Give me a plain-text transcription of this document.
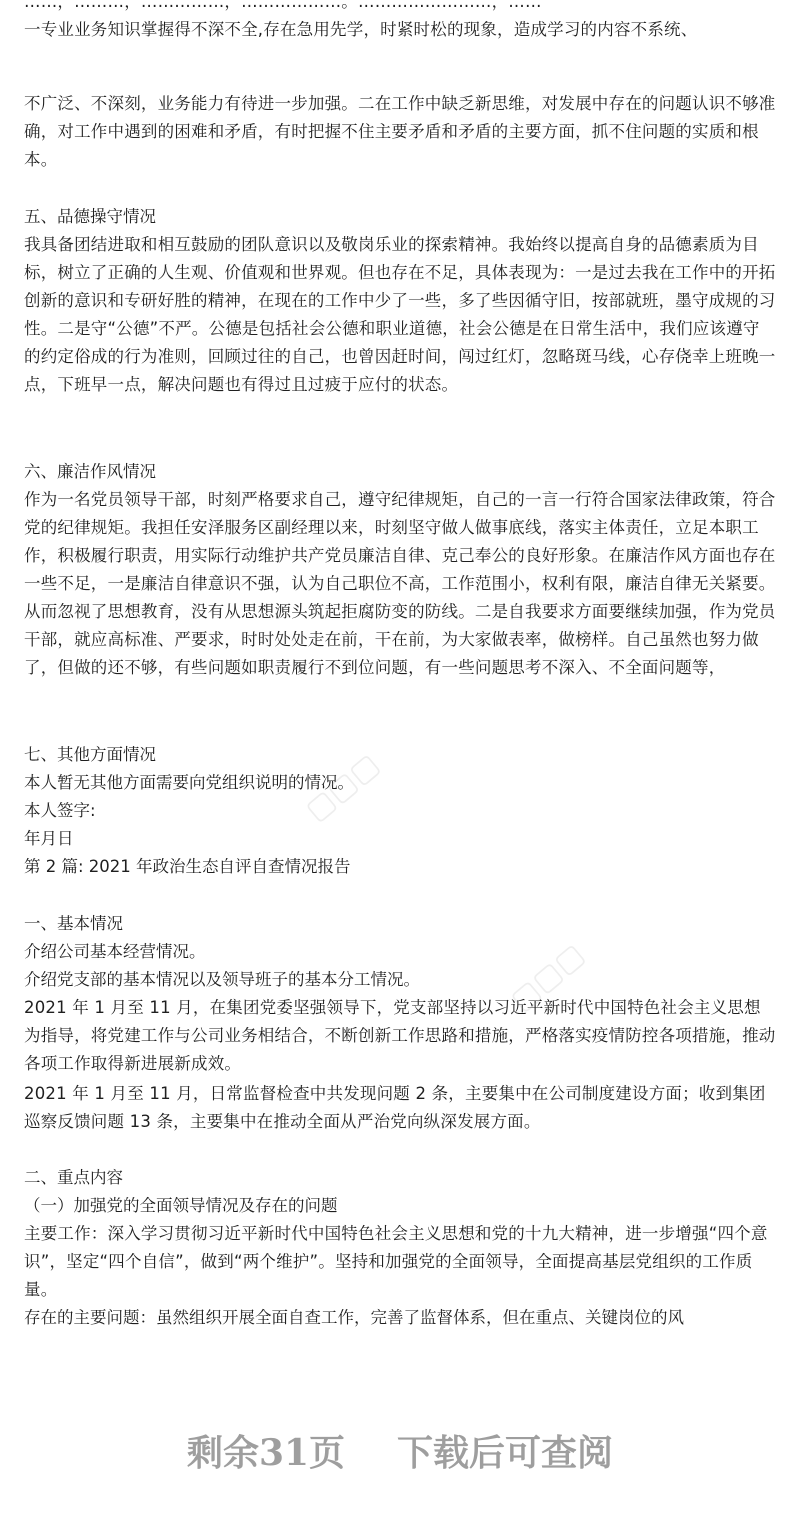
……，………，……………，………………。……………………，……
一专业业务知识掌握得不深不全,存在急用先学，时紧时松的现象，造成学习的内容不系统、

不广泛、不深刻，业务能力有待进一步加强。二在工作中缺乏新思维，对发展中存在的问题认识不够准确，对工作中遇到的困难和矛盾，有时把握不住主要矛盾和矛盾的主要方面，抓不住问题的实质和根本。

五、品德操守情况

我具备团结进取和相互鼓励的团队意识以及敬岗乐业的探索精神。我始终以提高自身的品德素质为目标，树立了正确的人生观、价值观和世界观。但也存在不足，具体表现为：一是过去我在工作中的开拓创新的意识和专研好胜的精神，在现在的工作中少了一些，多了些因循守旧，按部就班，墨守成规的习性。二是守“公德”不严。公德是包括社会公德和职业道德，社会公德是在日常生活中，我们应该遵守的约定俗成的行为准则，回顾过往的自己，也曾因赶时间，闯过红灯，忽略斑马线，心存侥幸上班晚一点，下班早一点，解决问题也有得过且过疲于应付的状态。

六、廉洁作风情况

作为一名党员领导干部，时刻严格要求自己，遵守纪律规矩，自己的一言一行符合国家法律政策，符合党的纪律规矩。我担任安泽服务区副经理以来，时刻坚守做人做事底线，落实主体责任，立足本职工作，积极履行职责，用实际行动维护共产党员廉洁自律、克己奉公的良好形象。在廉洁作风方面也存在一些不足，一是廉洁自律意识不强，认为自己职位不高，工作范围小，权利有限，廉洁自律无关紧要。从而忽视了思想教育，没有从思想源头筑起拒腐防变的防线。二是自我要求方面要继续加强，作为党员干部，就应高标准、严要求，时时处处走在前，干在前，为大家做表率，做榜样。自己虽然也努力做了，但做的还不够，有些问题如职责履行不到位问题，有一些问题思考不深入、不全面问题等，

七、其他方面情况

本人暂无其他方面需要向党组织说明的情况。

本人签字:

年月日

第 2 篇: 2021 年政治生态自评自查情况报告

一、基本情况

介绍公司基本经营情况。

介绍党支部的基本情况以及领导班子的基本分工情况。

2021 年 1 月至 11 月，在集团党委坚强领导下，党支部坚持以习近平新时代中国特色社会主义思想为指导，将党建工作与公司业务相结合，不断创新工作思路和措施，严格落实疫情防控各项措施，推动各项工作取得新进展新成效。

2021 年 1 月至 11 月，日常监督检查中共发现问题 2 条，主要集中在公司制度建设方面；收到集团巡察反馈问题 13 条，主要集中在推动全面从严治党向纵深发展方面。

二、重点内容

（一）加强党的全面领导情况及存在的问题

主要工作：深入学习贯彻习近平新时代中国特色社会主义思想和党的十九大精神，进一步增强“四个意识”，坚定“四个自信”，做到“两个维护”。坚持和加强党的全面领导，全面提高基层党组织的工作质量。

存在的主要问题：虽然组织开展全面自查工作，完善了监督体系，但在重点、关键岗位的风

▢▢▢
▢▢▢
剩余31页 下载后可查阅
